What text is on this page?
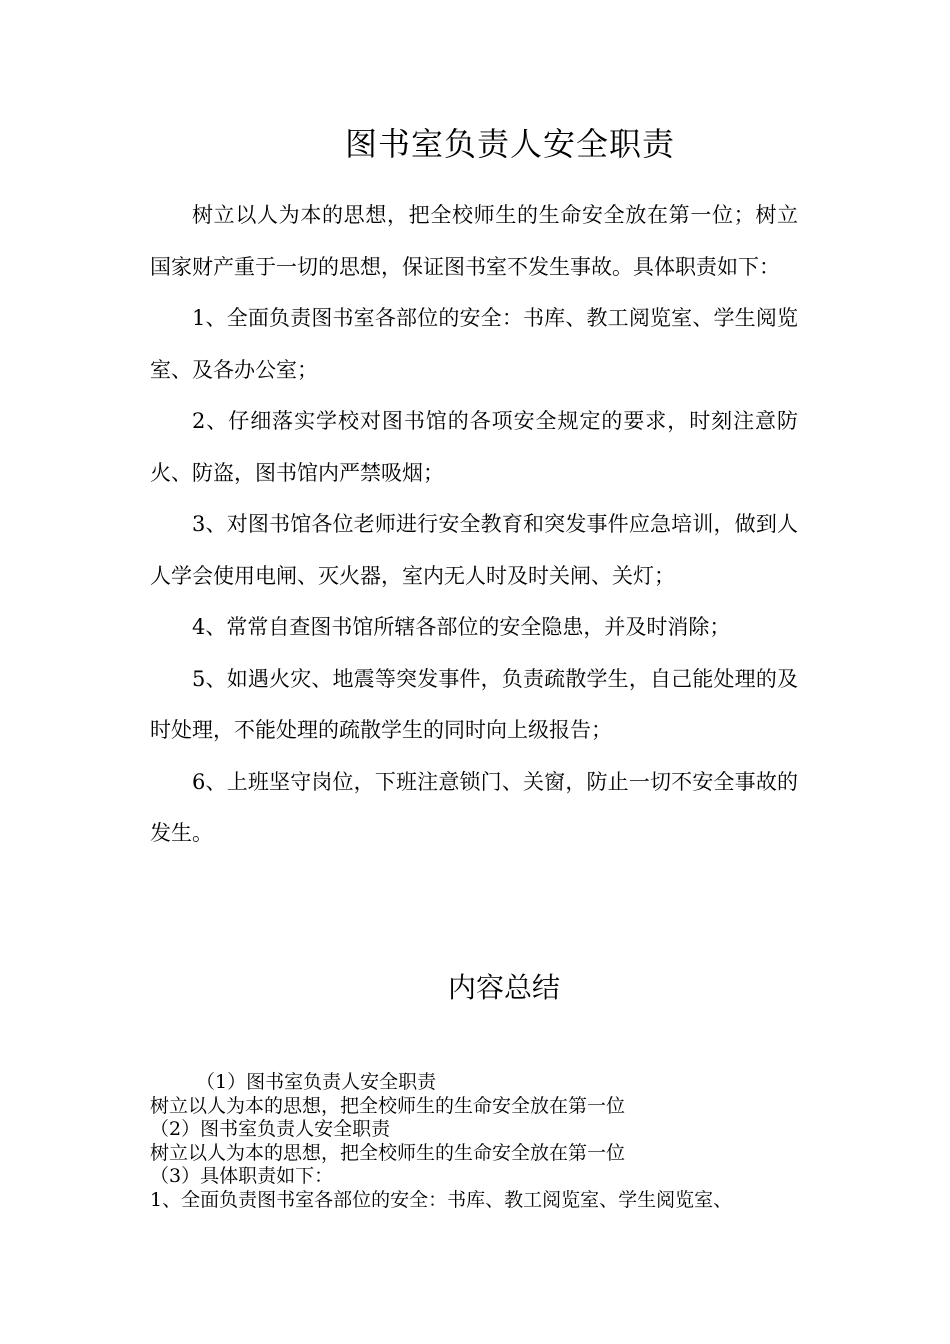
图书室负责人安全职责

树立以人为本的思想，把全校师生的生命安全放在第一位；树立国家财产重于一切的思想，保证图书室不发生事故。具体职责如下：

1、全面负责图书室各部位的安全：书库、教工阅览室、学生阅览室、及各办公室；

2、仔细落实学校对图书馆的各项安全规定的要求，时刻注意防火、防盗，图书馆内严禁吸烟；

3、对图书馆各位老师进行安全教育和突发事件应急培训，做到人人学会使用电闸、灭火器，室内无人时及时关闸、关灯；

4、常常自查图书馆所辖各部位的安全隐患，并及时消除；

5、如遇火灾、地震等突发事件，负责疏散学生，自己能处理的及时处理，不能处理的疏散学生的同时向上级报告；

6、上班坚守岗位，下班注意锁门、关窗，防止一切不安全事故的发生。

内容总结
（1）图书室负责人安全职责
树立以人为本的思想，把全校师生的生命安全放在第一位
（2）图书室负责人安全职责
树立以人为本的思想，把全校师生的生命安全放在第一位
（3）具体职责如下：
1、全面负责图书室各部位的安全：书库、教工阅览室、学生阅览室、
